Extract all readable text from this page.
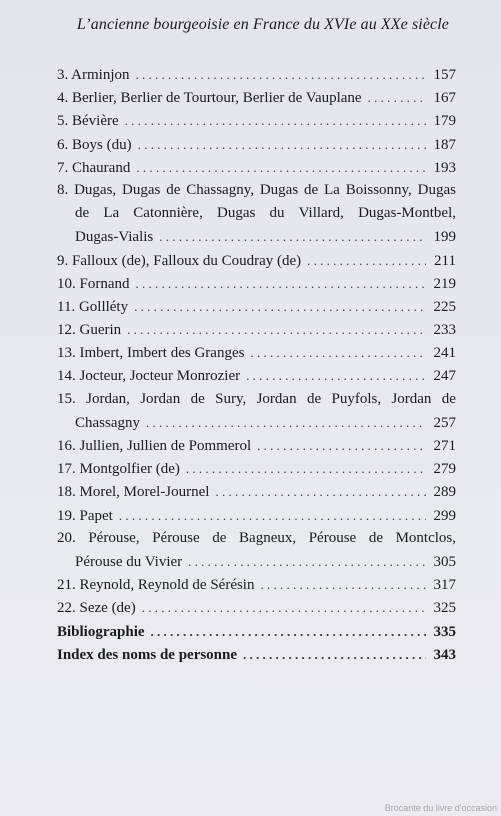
L’ancienne bourgeoisie en France du XVIe au XXe siècle
3. Arminjon . . .	157
4. Berlier, Berlier de Tourtour, Berlier de Vauplane . . .	167
5. Bévière . . .	179
6. Boys (du) . . .	187
7. Chaurand . . .	193
8. Dugas, Dugas de Chassagny, Dugas de La Boissonny, Dugas
de La Catonnière, Dugas du Villard, Dugas-Montbel,
Dugas-Vialis . . .	199
9. Falloux (de), Falloux du Coudray (de) . . .	211
10. Fornand . . .	219
11. Gollléty . . .	225
12. Guerin . . .	233
13. Imbert, Imbert des Granges . . .	241
14. Jocteur, Jocteur Monrozier . . .	247
15. Jordan, Jordan de Sury, Jordan de Puyfols, Jordan de
Chassagny . . .	257
16. Jullien, Jullien de Pommerol . . .	271
17. Montgolfier (de) . . .	279
18. Morel, Morel-Journel . . .	289
19. Papet . . .	299
20. Pérouse, Pérouse de Bagneux, Pérouse de Montclos,
Pérouse du Vivier . . .	305
21. Reynold, Reynold de Sérésin . . .	317
22. Seze (de) . . .	325
Bibliographie . . .	335
Index des noms de personne . . .	343
Brocante du livre d'occasion
